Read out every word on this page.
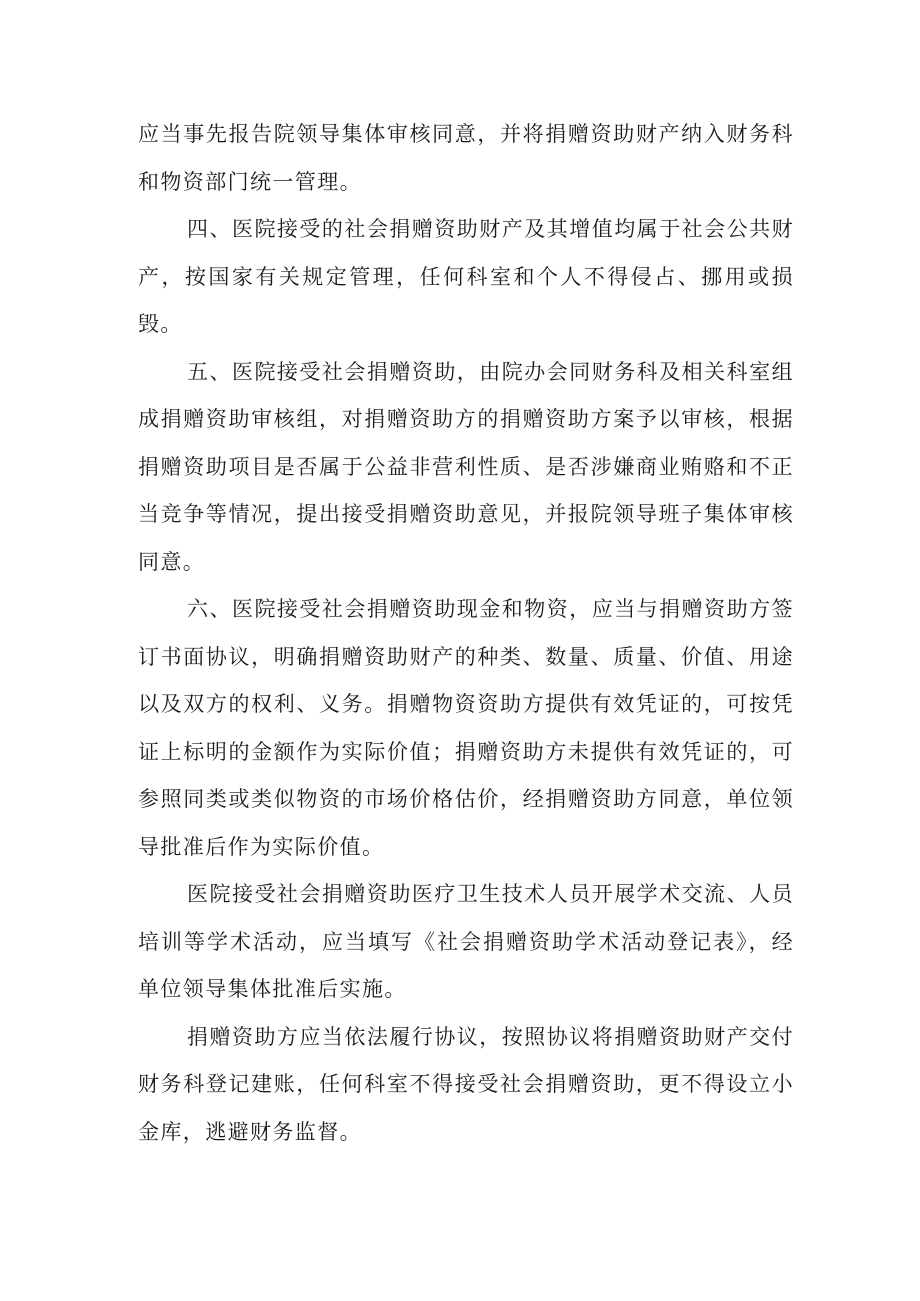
应当事先报告院领导集体审核同意，并将捐赠资助财产纳入财务科和物资部门统一管理。

四、医院接受的社会捐赠资助财产及其增值均属于社会公共财产，按国家有关规定管理，任何科室和个人不得侵占、挪用或损毁。

五、医院接受社会捐赠资助，由院办会同财务科及相关科室组成捐赠资助审核组，对捐赠资助方的捐赠资助方案予以审核，根据捐赠资助项目是否属于公益非营利性质、是否涉嫌商业贿赂和不正当竞争等情况，提出接受捐赠资助意见，并报院领导班子集体审核同意。

六、医院接受社会捐赠资助现金和物资，应当与捐赠资助方签订书面协议，明确捐赠资助财产的种类、数量、质量、价值、用途以及双方的权利、义务。捐赠物资资助方提供有效凭证的，可按凭证上标明的金额作为实际价值；捐赠资助方未提供有效凭证的，可参照同类或类似物资的市场价格估价，经捐赠资助方同意，单位领导批准后作为实际价值。

医院接受社会捐赠资助医疗卫生技术人员开展学术交流、人员培训等学术活动，应当填写《社会捐赠资助学术活动登记表》，经单位领导集体批准后实施。

捐赠资助方应当依法履行协议，按照协议将捐赠资助财产交付财务科登记建账，任何科室不得接受社会捐赠资助，更不得设立小金库，逃避财务监督。
